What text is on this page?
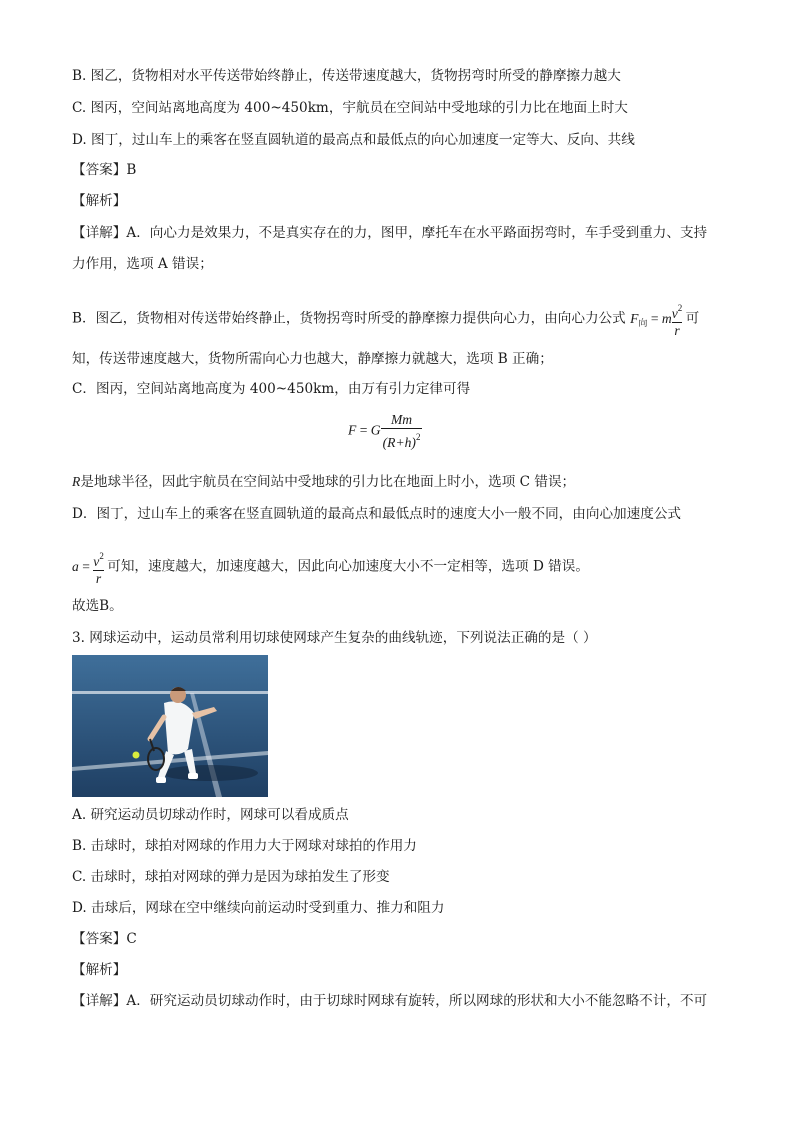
B. 图乙，货物相对水平传送带始终静止，传送带速度越大，货物拐弯时所受的静摩擦力越大
C. 图丙，空间站离地高度为 400~450km，宇航员在空间站中受地球的引力比在地面上时大
D. 图丁，过山车上的乘客在竖直圆轨道的最高点和最低点的向心加速度一定等大、反向、共线
【答案】B
【解析】
【详解】A．向心力是效果力，不是真实存在的力，图甲，摩托车在水平路面拐弯时，车手受到重力、支持
力作用，选项 A 错误；
B．图乙，货物相对传送带始终静止，货物拐弯时所受的静摩擦力提供向心力，由向心力公式 $F_向 = m \frac{v^2}{r}$ 可
知，传送带速度越大，货物所需向心力也越大，静摩擦力就越大，选项 B 正确；
C．图丙，空间站离地高度为 400~450km，由万有引力定律可得
F = G $\frac{Mm}{(R+h)^2}$
R是地球半径，因此宇航员在空间站中受地球的引力比在地面上时小，选项 C 错误；
D．图丁，过山车上的乘客在竖直圆轨道的最高点和最低点时的速度大小一般不同，由向心加速度公式
$a = \frac{v^2}{r}$ 可知，速度越大，加速度越大，因此向心加速度大小不一定相等，选项 D 错误。
故选B。
3. 网球运动中，运动员常利用切球使网球产生复杂的曲线轨迹，下列说法正确的是（ ）
A. 研究运动员切球动作时，网球可以看成质点
B. 击球时，球拍对网球的作用力大于网球对球拍的作用力
C. 击球时，球拍对网球的弹力是因为球拍发生了形变
D. 击球后，网球在空中继续向前运动时受到重力、推力和阻力
【答案】C
【解析】
【详解】A．研究运动员切球动作时，由于切球时网球有旋转，所以网球的形状和大小不能忽略不计，不可
